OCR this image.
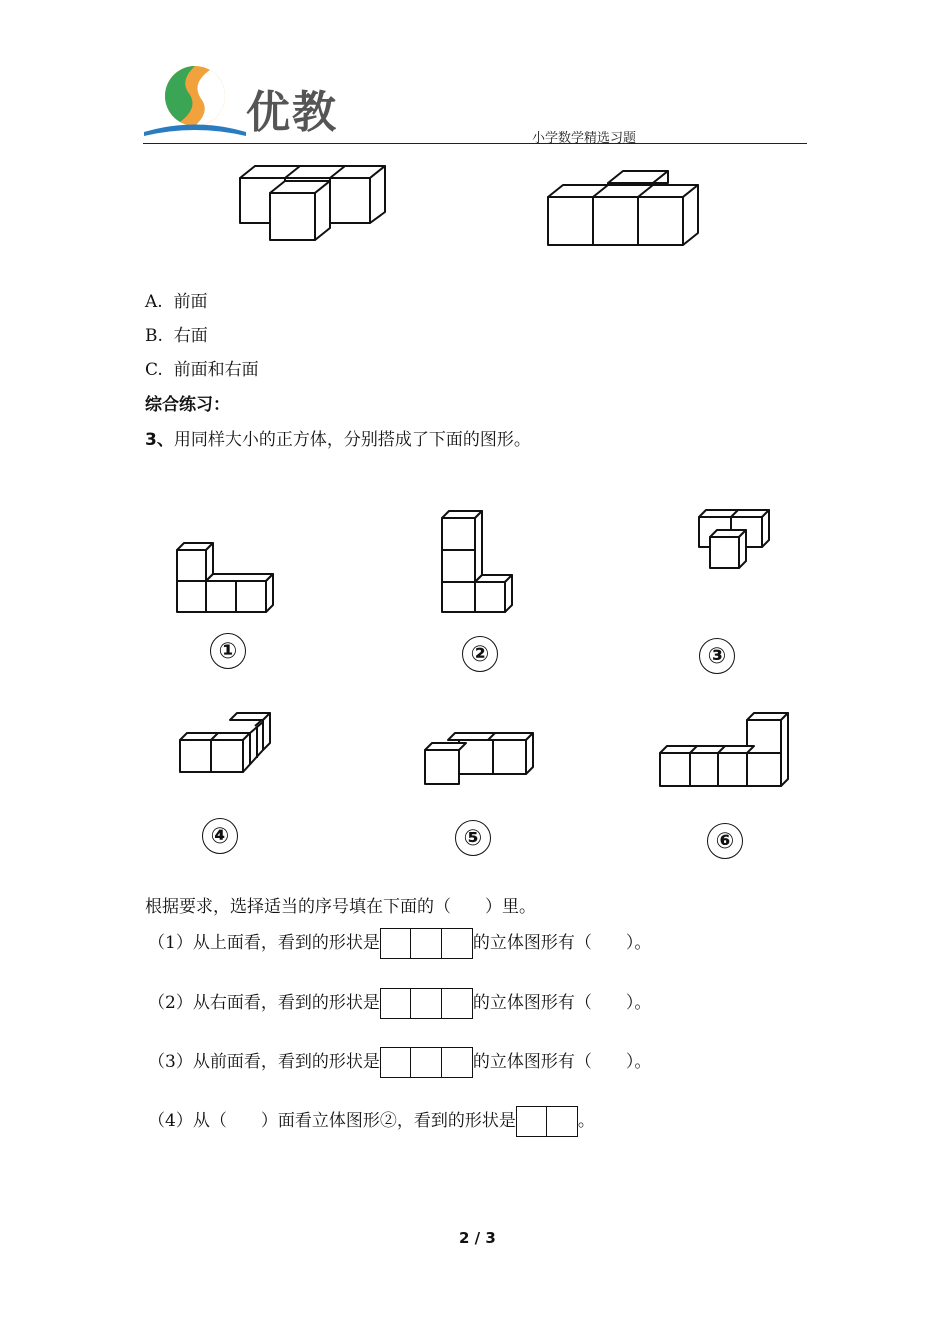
优教
小学数学精选习题
A. 前面
B. 右面
C. 前面和右面
综合练习：
3、用同样大小的正方体，分别搭成了下面的图形。
①	②	③
④	⑤	⑥
根据要求，选择适当的序号填在下面的（　　）里。
（1）从上面看，看到的形状是	的立体图形有（　　）。
（2）从右面看，看到的形状是	的立体图形有（　　）。
（3）从前面看，看到的形状是	的立体图形有（　　）。
（4）从（　　）面看立体图形②，看到的形状是	。
2 / 3
